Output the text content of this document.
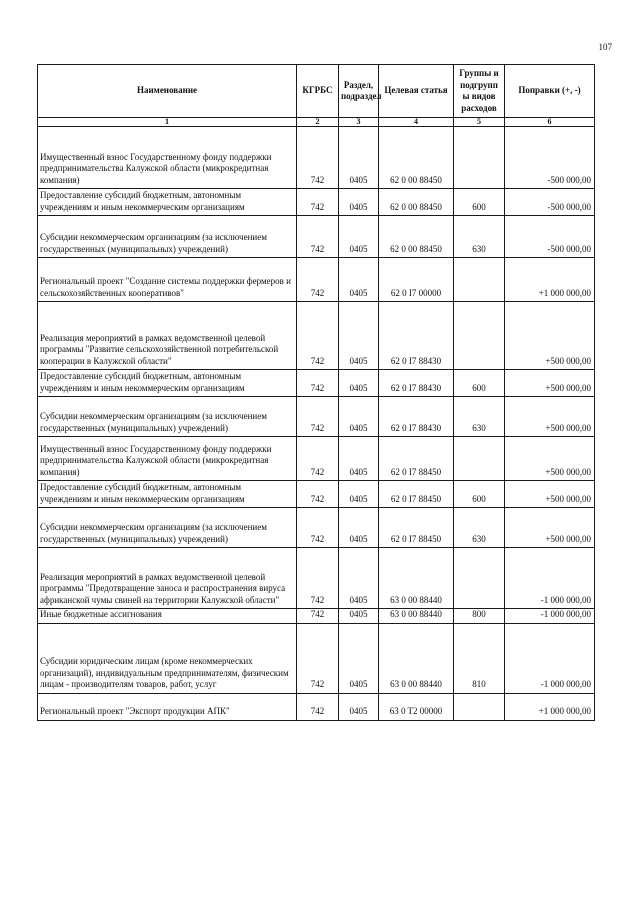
107
Наименование	КГРБС	Раздел, подраздел	Целевая статья	Группы и подгрупп ы видов расходов	Поправки (+, -)
1	2	3	4	5	6
Имущественный взнос Государственному фонду поддержки предпринимательства Калужской области (микрокредитная компания)	742	0405	62 0 00 88450		-500 000,00
Предоставление субсидий бюджетным, автономным учреждениям и иным некоммерческим организациям	742	0405	62 0 00 88450	600	-500 000,00
Субсидии некоммерческим организациям (за исключением государственных (муниципальных) учреждений)	742	0405	62 0 00 88450	630	-500 000,00
Региональный проект "Создание системы поддержки фермеров и сельскохозяйственных кооперативов"	742	0405	62 0 I7 00000		+1 000 000,00
Реализация мероприятий в рамках ведомственной целевой программы "Развитие сельскохозяйственной потребительской кооперации в Калужской области"	742	0405	62 0 I7 88430		+500 000,00
Предоставление субсидий бюджетным, автономным учреждениям и иным некоммерческим организациям	742	0405	62 0 I7 88430	600	+500 000,00
Субсидии некоммерческим организациям (за исключением государственных (муниципальных) учреждений)	742	0405	62 0 I7 88430	630	+500 000,00
Имущественный взнос Государственному фонду поддержки предпринимательства Калужской области (микрокредитная компания)	742	0405	62 0 I7 88450		+500 000,00
Предоставление субсидий бюджетным, автономным учреждениям и иным некоммерческим организациям	742	0405	62 0 I7 88450	600	+500 000,00
Субсидии некоммерческим организациям (за исключением государственных (муниципальных) учреждений)	742	0405	62 0 I7 88450	630	+500 000,00
Реализация мероприятий в рамках ведомственной целевой программы "Предотвращение заноса и распространения вируса африканской чумы свиней на территории Калужской области"	742	0405	63 0 00 88440		-1 000 000,00
Иные бюджетные ассигнования	742	0405	63 0 00 88440	800	-1 000 000,00
Субсидии юридическим лицам (кроме некоммерческих организаций), индивидуальным предпринимателям, физическим лицам - производителям товаров, работ, услуг	742	0405	63 0 00 88440	810	-1 000 000,00
Региональный проект "Экспорт продукции АПК"	742	0405	63 0 T2 00000		+1 000 000,00
